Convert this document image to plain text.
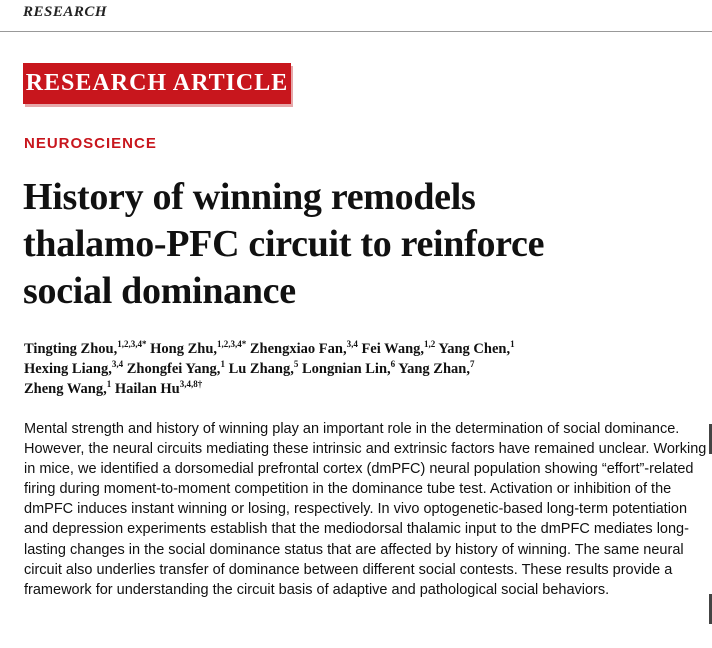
RESEARCH
RESEARCH ARTICLE
NEUROSCIENCE
History of winning remodels
thalamo-PFC circuit to reinforce
social dominance
Tingting Zhou,$^{1,2,3,4*}$ Hong Zhu,$^{1,2,3,4*}$ Zhengxiao Fan,$^{3,4}$ Fei Wang,$^{1,2}$ Yang Chen,$^1$
Hexing Liang,$^{3,4}$ Zhongfei Yang,$^1$ Lu Zhang,$^5$ Longnian Lin,$^6$ Yang Zhan,$^7$
Zheng Wang,$^1$ Hailan $Hu^{3,4,8\dagger}$

Mental strength and history of winning play an important role in the determination of social dominance. However, the neural circuits mediating these intrinsic and extrinsic factors have remained unclear. Working in mice, we identified a dorsomedial prefrontal cortex (dmPFC) neural population showing “effort”-related firing during moment-to-moment competition in the dominance tube test. Activation or inhibition of the dmPFC induces instant winning or losing, respectively. In vivo optogenetic-based long-term potentiation and depression experiments establish that the mediodorsal thalamic input to the dmPFC mediates long-lasting changes in the social dominance status that are affected by history of winning. The same neural circuit also underlies transfer of dominance between different social contests. These results provide a framework for understanding the circuit basis of adaptive and pathological social behaviors.
